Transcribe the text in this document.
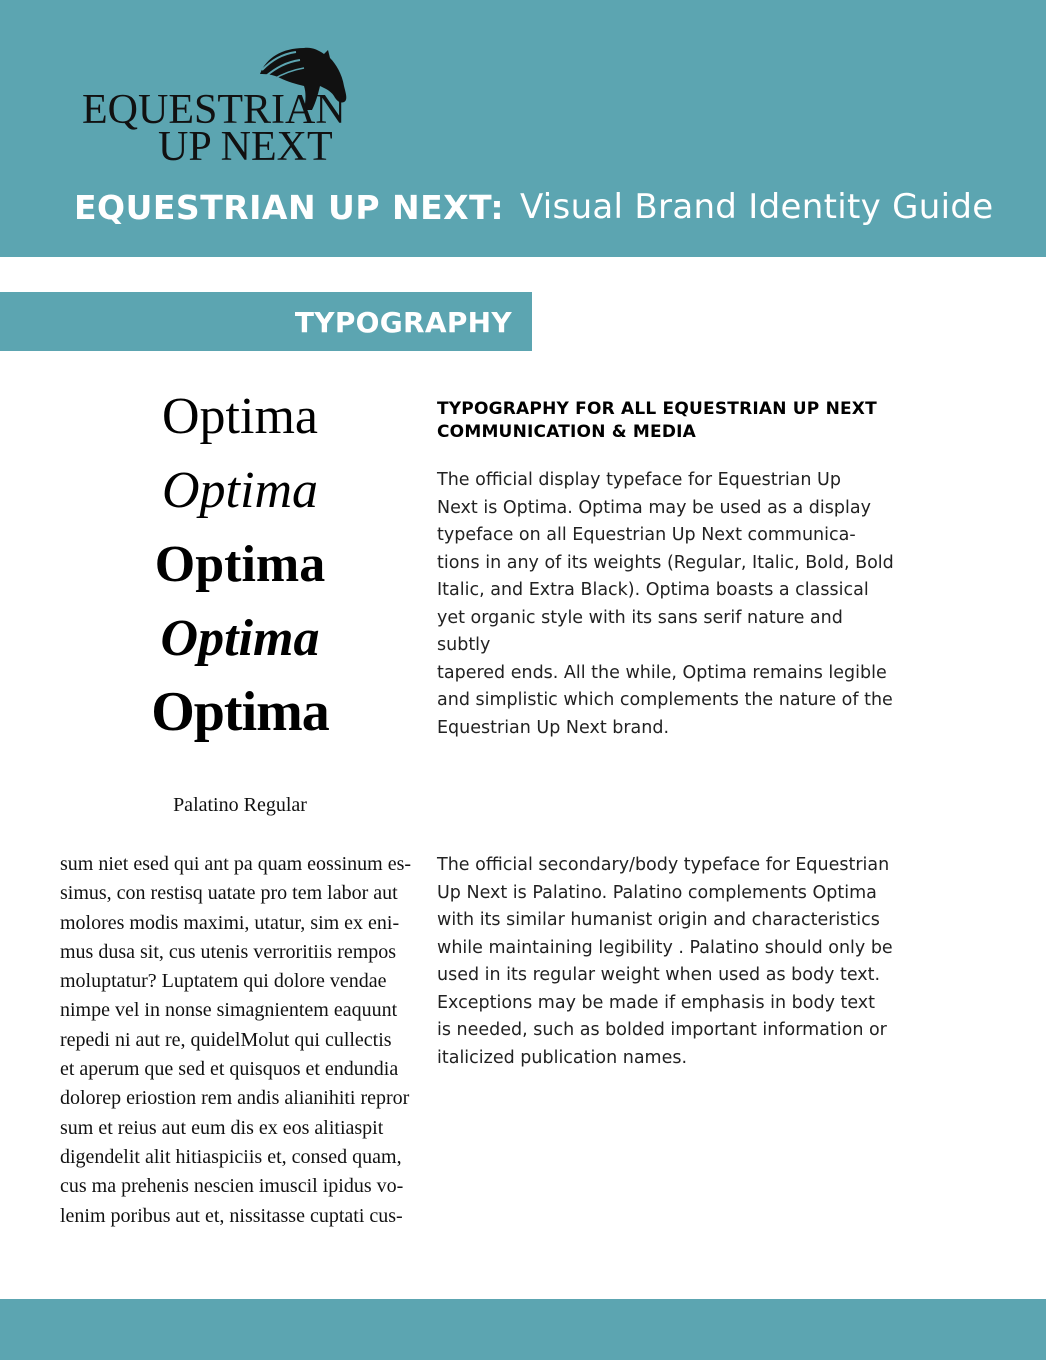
EQUESTRIAN
UP NEXT
EQUESTRIAN UP NEXT: Visual Brand Identity Guide
TYPOGRAPHY
Optima
Optima
Optima
Optima
Optima
Palatino Regular
TYPOGRAPHY FOR ALL EQUESTRIAN UP NEXT COMMUNICATION & MEDIA
The official display typeface for Equestrian Up
Next is Optima. Optima may be used as a display
typeface on all Equestrian Up Next communica-
tions in any of its weights (Regular, Italic, Bold, Bold
Italic, and Extra Black). Optima boasts a classical
yet organic style with its sans serif nature and subtly
tapered ends. All the while, Optima remains legible
and simplistic which complements the nature of the
Equestrian Up Next brand.
sum niet esed qui ant pa quam eossinum es-
simus, con restisq uatate pro tem labor aut
molores modis maximi, utatur, sim ex eni-
mus dusa sit, cus utenis verroritiis rempos
moluptatur? Luptatem qui dolore vendae
nimpe vel in nonse simagnientem eaquunt
repedi ni aut re, quidelMolut qui cullectis
et aperum que sed et quisquos et endundia
dolorep eriostion rem andis alianihiti repror
sum et reius aut eum dis ex eos alitiaspit
digendelit alit hitiaspiciis et, consed quam,
cus ma prehenis nescien imuscil ipidus vo-
lenim poribus aut et, nissitasse cuptati cus-
The official secondary/body typeface for Equestrian
Up Next is Palatino. Palatino complements Optima
with its similar humanist origin and characteristics
while maintaining legibility . Palatino should only be
used in its regular weight when used as body text.
Exceptions may be made if emphasis in body text
is needed, such as bolded important information or
italicized publication names.
